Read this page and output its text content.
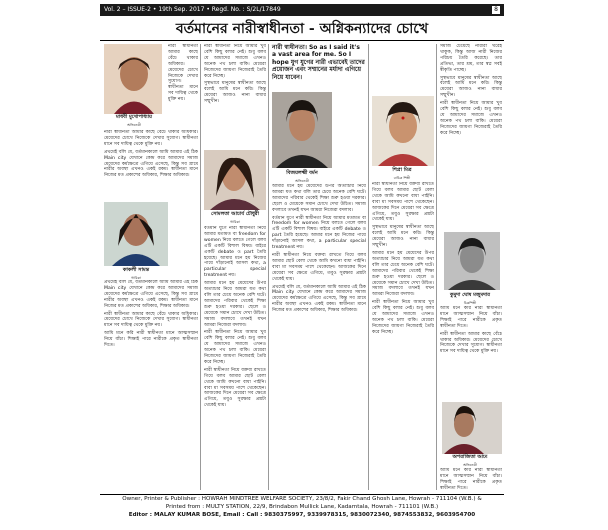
Vol. 2 – ISSUE-2 • 19th Sep. 2017 • Regd. No. : S/2L/17849	8
বর্তমানের নারীস্বাধীনতা - অগ্নিকন্যাদের চোখে
মাধবী মুখোপাধ্যায়
অভিনেত্রী

নারী স্বাধীনতা আমার কাছে বেঁচে থাকার অধিকার। মেয়েদের চোখে নিজেকে দেখার সুযোগ। স্বাধীনতা মানে সব দায়িত্ব থেকে মুক্তি নয়।

নারী স্বাধীনতা আমার কাছে বেঁচে থাকার অধিকার। মেয়েদের চোখে নিজেকে দেখার সুযোগ। স্বাধীনতা মানে সব দায়িত্ব থেকে মুক্তি নয়।

প্রথমেই বলি যে, বর্তমানকালে আমি আমার এই ঠিক Main city যেখানে কেন্দ্র করে আমাদের সমাজ মেয়েদের কর্মক্ষেত্রে এগিয়ে এসেছে, কিন্তু সব গ্রামে নারীর অবস্থা এখনও একই রকম। স্বাধীনতা মানে নিজের মত প্রকাশের অধিকার, শিক্ষার অধিকার।

কাকলী সামন্ত
গায়িকা

প্রথমেই বলি যে, বর্তমানকালে আমি আমার এই ঠিক Main city যেখানে কেন্দ্র করে আমাদের সমাজ মেয়েদের কর্মক্ষেত্রে এগিয়ে এসেছে, কিন্তু সব গ্রামে নারীর অবস্থা এখনও একই রকম। স্বাধীনতা মানে নিজের মত প্রকাশের অধিকার, শিক্ষার অধিকার।

নারী স্বাধীনতা আমার কাছে বেঁচে থাকার অধিকার। মেয়েদের চোখে নিজেকে দেখার সুযোগ। স্বাধীনতা মানে সব দায়িত্ব থেকে মুক্তি নয়।

আমি মনে করি নারী স্বাধীনতা মানে আত্মসম্মান নিয়ে বাঁচা। শিক্ষাই পারে নারীকে প্রকৃত স্বাধীনতা দিতে।

নারী স্বাধীনতা নিয়ে আমার খুব বেশি কিছু বলার নেই। শুধু বলব যে আমাদের সমাজে এখনও অনেক পথ চলা বাকি। মেয়েরা নিজেদের জায়গা নিজেরাই তৈরি করে নিচ্ছে।

সুস্থভাবে মানুষের স্বাধীনতা আছে বলেই আমি মনে করি। কিন্তু মেয়েরা আজও নানা বাধার সম্মুখীন।

সোমলতা আচার্য চৌধুরী
গায়িকা

বর্তমান যুগে নারী স্বাধীনতা নিয়ে আমার মতামত বা freedom for women নিয়ে বলতে গেলে বলব এটি একটি বিশাল বিষয়। বাইরে একটি debate ও part তৈরি হয়েছে। আমার মনে হয় নিজের পায়ে দাঁড়ানোই আসল কথা, a particular special treatment নয়।

আমার মনে হয় মেয়েদের উপর অত্যাচার নিয়ে আমরা যত কথা বলি তার চেয়ে অনেক বেশি ঘটে। আমাদের পরিবার থেকেই শিক্ষা শুরু হওয়া দরকার। ছেলে ও মেয়েকে সমান চোখে দেখা উচিত। সমাজ বদলাবে তখনই যখন আমরা নিজেরা বদলাব।

নারী স্বাধীনতা নিয়ে আমার খুব বেশি কিছু বলার নেই। শুধু বলব যে আমাদের সমাজে এখনও অনেক পথ চলা বাকি। মেয়েরা নিজেদের জায়গা নিজেরাই তৈরি করে নিচ্ছে।

নারী স্বাধীনতা নিয়ে বক্তব্য রাখতে গিয়ে বলব আমার ছোট বেলা থেকে আমি কখনো বাধা পাইনি। বাবা মা সবসময় পাশে থেকেছেন। আজকের দিনে মেয়েরা সব ক্ষেত্রে এগিয়ে, তবুও সুরক্ষার প্রশ্নটা থেকেই যায়।

নারী স্বাধীনতা। So as I said it's a vast area for me. So I hope যুগ যুগের নারী এভাবেই তাদের প্রয়োজন এবং সম্মানের মর্যাদা এগিয়ে নিয়ে যাবেন।
বিজয়লক্ষ্মী বর্মন
অভিনেত্রী

আমার মনে হয় মেয়েদের উপর অত্যাচার নিয়ে আমরা যত কথা বলি তার চেয়ে অনেক বেশি ঘটে। আমাদের পরিবার থেকেই শিক্ষা শুরু হওয়া দরকার। ছেলে ও মেয়েকে সমান চোখে দেখা উচিত। সমাজ বদলাবে তখনই যখন আমরা নিজেরা বদলাব।

বর্তমান যুগে নারী স্বাধীনতা নিয়ে আমার মতামত বা freedom for women নিয়ে বলতে গেলে বলব এটি একটি বিশাল বিষয়। বাইরে একটি debate ও part তৈরি হয়েছে। আমার মনে হয় নিজের পায়ে দাঁড়ানোই আসল কথা, a particular special treatment নয়।

নারী স্বাধীনতা নিয়ে বক্তব্য রাখতে গিয়ে বলব আমার ছোট বেলা থেকে আমি কখনো বাধা পাইনি। বাবা মা সবসময় পাশে থেকেছেন। আজকের দিনে মেয়েরা সব ক্ষেত্রে এগিয়ে, তবুও সুরক্ষার প্রশ্নটা থেকেই যায়।

প্রথমেই বলি যে, বর্তমানকালে আমি আমার এই ঠিক Main city যেখানে কেন্দ্র করে আমাদের সমাজ মেয়েদের কর্মক্ষেত্রে এগিয়ে এসেছে, কিন্তু সব গ্রামে নারীর অবস্থা এখনও একই রকম। স্বাধীনতা মানে নিজের মত প্রকাশের অধিকার, শিক্ষার অধিকার।

শিপ্রা মিত্র
বাচিক শিল্পী

নারী স্বাধীনতা নিয়ে বক্তব্য রাখতে গিয়ে বলব আমার ছোট বেলা থেকে আমি কখনো বাধা পাইনি। বাবা মা সবসময় পাশে থেকেছেন। আজকের দিনে মেয়েরা সব ক্ষেত্রে এগিয়ে, তবুও সুরক্ষার প্রশ্নটা থেকেই যায়।

সুস্থভাবে মানুষের স্বাধীনতা আছে বলেই আমি মনে করি। কিন্তু মেয়েরা আজও নানা বাধার সম্মুখীন।

আমার মনে হয় মেয়েদের উপর অত্যাচার নিয়ে আমরা যত কথা বলি তার চেয়ে অনেক বেশি ঘটে। আমাদের পরিবার থেকেই শিক্ষা শুরু হওয়া দরকার। ছেলে ও মেয়েকে সমান চোখে দেখা উচিত। সমাজ বদলাবে তখনই যখন আমরা নিজেরা বদলাব।

নারী স্বাধীনতা নিয়ে আমার খুব বেশি কিছু বলার নেই। শুধু বলব যে আমাদের সমাজে এখনও অনেক পথ চলা বাকি। মেয়েরা নিজেদের জায়গা নিজেরাই তৈরি করে নিচ্ছে।

সমাজ চেয়েছে নারীরা ঘরেই থাকুক, কিন্তু আজ নারী নিজের পরিচয় তৈরি করেছে। তার প্রতিভা, তার শ্রম, তার স্বপ্ন সবই স্বীকৃতি পাচ্ছে।

সুস্থভাবে মানুষের স্বাধীনতা আছে বলেই আমি মনে করি। কিন্তু মেয়েরা আজও নানা বাধার সম্মুখীন।

নারী স্বাধীনতা নিয়ে আমার খুব বেশি কিছু বলার নেই। শুধু বলব যে আমাদের সমাজে এখনও অনেক পথ চলা বাকি। মেয়েরা নিজেদের জায়গা নিজেরাই তৈরি করে নিচ্ছে।

কুমুদা ঘোষ মজুমদার
চিত্রশিল্পী

আমি মনে করি নারী স্বাধীনতা মানে আত্মসম্মান নিয়ে বাঁচা। শিক্ষাই পারে নারীকে প্রকৃত স্বাধীনতা দিতে।

নারী স্বাধীনতা আমার কাছে বেঁচে থাকার অধিকার। মেয়েদের চোখে নিজেকে দেখার সুযোগ। স্বাধীনতা মানে সব দায়িত্ব থেকে মুক্তি নয়।

অপরাজিতা আঢ্য
অভিনেত্রী

আমি মনে করি নারী স্বাধীনতা মানে আত্মসম্মান নিয়ে বাঁচা। শিক্ষাই পারে নারীকে প্রকৃত স্বাধীনতা দিতে।

Owner, Printer & Publisher : HOWRAH MINDTREE WELFARE SOCIETY, 23/8/2, Fakir Chand Ghosh Lane, Howrah - 711104 (W.B.) &
Printed from : MULTY STATION, 22/9, Brindabon Mullick Lane, Kadamtala, Howrah - 711101 (W.B.)
Editor : MALAY KUMAR BOSE, Email : Call : 9830375997, 9339978315, 9830072340, 9874553832, 9603954700
